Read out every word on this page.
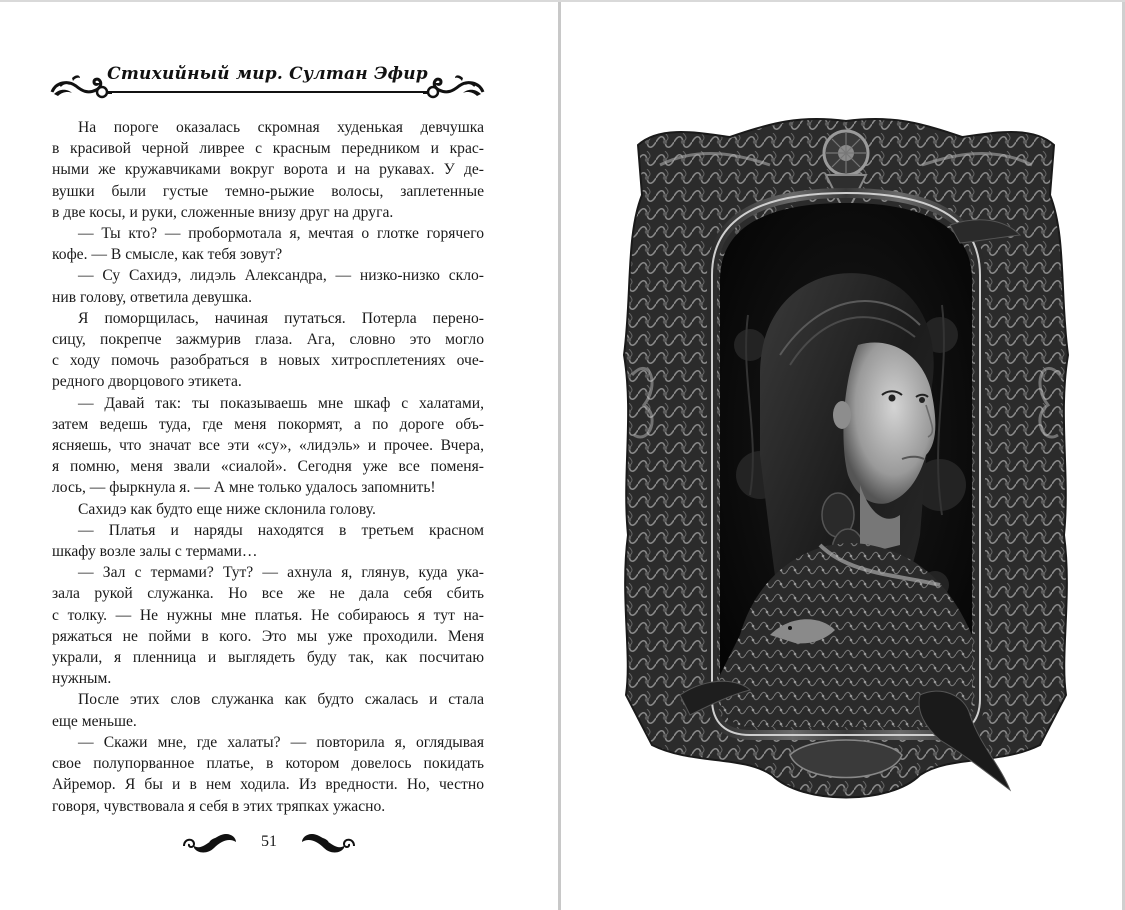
Стихийный мир. Султан Эфир
На пороге оказалась скромная худенькая девчушка
в красивой черной ливрее с красным передником и крас-
ными же кружавчиками вокруг ворота и на рукавах. У де-
вушки были густые темно-рыжие волосы, заплетенные
в две косы, и руки, сложенные внизу друг на друга.
— Ты кто? — пробормотала я, мечтая о глотке горячего
кофе. — В смысле, как тебя зовут?
— Су Сахидэ, лидэль Александра, — низко-низко скло-
нив голову, ответила девушка.
Я поморщилась, начиная путаться. Потерла перено-
сицу, покрепче зажмурив глаза. Ага, словно это могло
с ходу помочь разобраться в новых хитросплетениях оче-
редного дворцового этикета.
— Давай так: ты показываешь мне шкаф с халатами,
затем ведешь туда, где меня покормят, а по дороге объ-
ясняешь, что значат все эти «су», «лидэль» и прочее. Вчера,
я помню, меня звали «сиалой». Сегодня уже все поменя-
лось, — фыркнула я. — А мне только удалось запомнить!
Сахидэ как будто еще ниже склонила голову.
— Платья и наряды находятся в третьем красном
шкафу возле залы с термами…
— Зал с термами? Тут? — ахнула я, глянув, куда ука-
зала рукой служанка. Но все же не дала себя сбить
с толку. — Не нужны мне платья. Не собираюсь я тут на-
ряжаться не пойми в кого. Это мы уже проходили. Меня
украли, я пленница и выглядеть буду так, как посчитаю
нужным.
После этих слов служанка как будто сжалась и стала
еще меньше.
— Скажи мне, где халаты? — повторила я, оглядывая
свое полупорванное платье, в котором довелось покидать
Айремор. Я бы и в нем ходила. Из вредности. Но, честно
говоря, чувствовала я себя в этих тряпках ужасно.
51
